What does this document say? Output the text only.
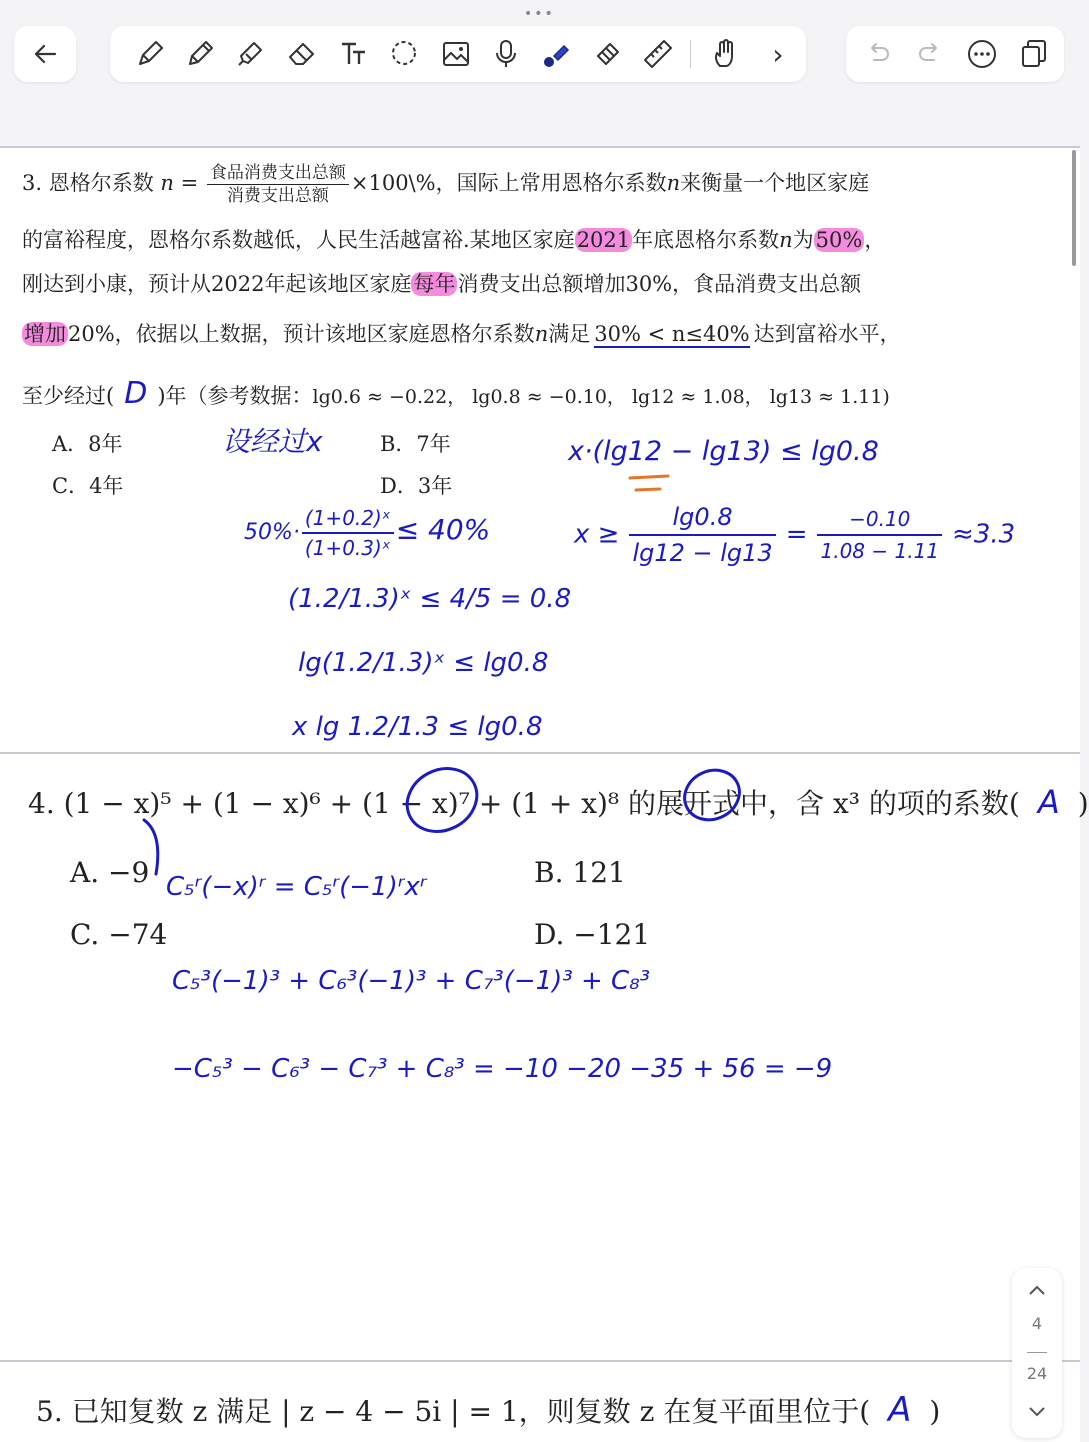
•••
›
3. 恩格尔系数 $n = \frac{\text{食品消费支出总额}}{\text{消费支出总额}}$ ×100\%，国际上常用恩格尔系数n来衡量一个地区家庭
的富裕程度，恩格尔系数越低，人民生活越富裕.某地区家庭2021年底恩格尔系数n为50%，
刚达到小康，预计从2022年起该地区家庭每年消费支出总额增加30%，食品消费支出总额
增加20%，依据以上数据，预计该地区家庭恩格尔系数n满足 30% < n≤40% 达到富裕水平，
至少经过( D )年（参考数据：lg0.6 ≈ −0.22， lg0.8 ≈ −0.10， lg12 ≈ 1.08， lg13 ≈ 1.11)
A．8年	B．7年
C．4年	D．3年
设经过x
$50\%\cdot \frac{\text{(1+0.2)ˣ}}{\text{(1+0.3)ˣ}} \le 40\%$
(1.2/1.3)ˣ ≤ 4/5 = 0.8
lg(1.2/1.3)ˣ ≤ lg0.8
x lg 1.2/1.3 ≤ lg0.8
x·(lg12 − lg13) ≤ lg0.8
$x \ge \frac{\lg 0.8}{\lg 12 - \lg 13} = \frac{-0.10}{1.08 - 1.11} \approx 3.3$
4. (1 − x)⁵ + (1 − x)⁶ + (1 − x)⁷ + (1 + x)⁸ 的展开式中，含 x³ 的项的系数( A )
A. −9	B. 121
C. −74	D. −121
C₅ʳ(−x)ʳ = C₅ʳ(−1)ʳxʳ
C₅³(−1)³ + C₆³(−1)³ + C₇³(−1)³ + C₈³
−C₅³ − C₆³ − C₇³ + C₈³ = −10 −20 −35 + 56 = −9
5. 已知复数 z 满足 | z − 4 − 5i | = 1，则复数 z 在复平面里位于( A )
4
24
